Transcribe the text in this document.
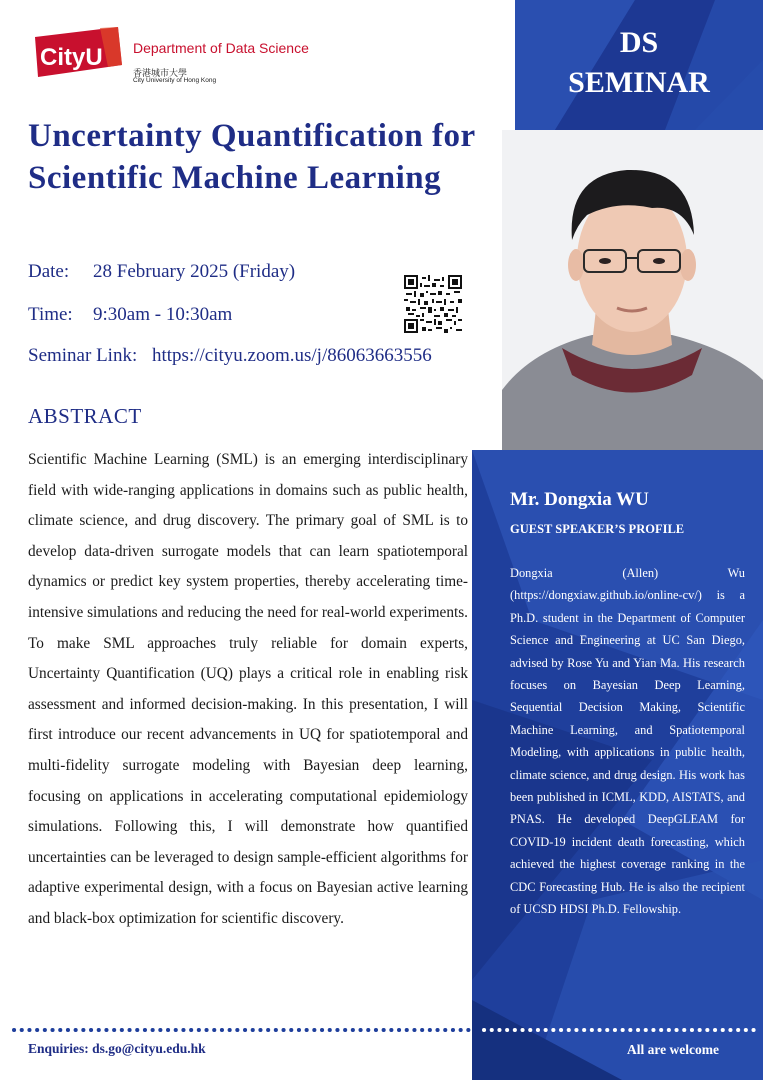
DS
SEMINAR
CityU Department of Data Science
香港城市大學
City University of Hong Kong
Uncertainty Quantification for Scientific Machine Learning
Date: 28 February 2025 (Friday)
Time: 9:30am - 10:30am
Seminar Link: https://cityu.zoom.us/j/86063663556
ABSTRACT
Scientific Machine Learning (SML) is an emerging interdisciplinary field with wide-ranging applications in domains such as public health, climate science, and drug discovery. The primary goal of SML is to develop data-driven surrogate models that can learn spatiotemporal dynamics or predict key system properties, thereby accelerating time-intensive simulations and reducing the need for real-world experiments. To make SML approaches truly reliable for domain experts, Uncertainty Quantification (UQ) plays a critical role in enabling risk assessment and informed decision-making. In this presentation, I will first introduce our recent advancements in UQ for spatiotemporal and multi-fidelity surrogate modeling with Bayesian deep learning, focusing on applications in accelerating computational epidemiology simulations. Following this, I will demonstrate how quantified uncertainties can be leveraged to design sample-efficient algorithms for adaptive experimental design, with a focus on Bayesian active learning and black-box optimization for scientific discovery.
Mr. Dongxia WU
GUEST SPEAKER’S PROFILE
Dongxia (Allen) Wu (https://dongxiaw.github.io/online-cv/) is a Ph.D. student in the Department of Computer Science and Engineering at UC San Diego, advised by Rose Yu and Yian Ma. His research focuses on Bayesian Deep Learning, Sequential Decision Making, Scientific Machine Learning, and Spatiotemporal Modeling, with applications in public health, climate science, and drug design. His work has been published in ICML, KDD, AISTATS, and PNAS. He developed DeepGLEAM for COVID-19 incident death forecasting, which achieved the highest coverage ranking in the CDC Forecasting Hub. He is also the recipient of UCSD HDSI Ph.D. Fellowship.
Enquiries: ds.go@cityu.edu.hk	All are welcome
